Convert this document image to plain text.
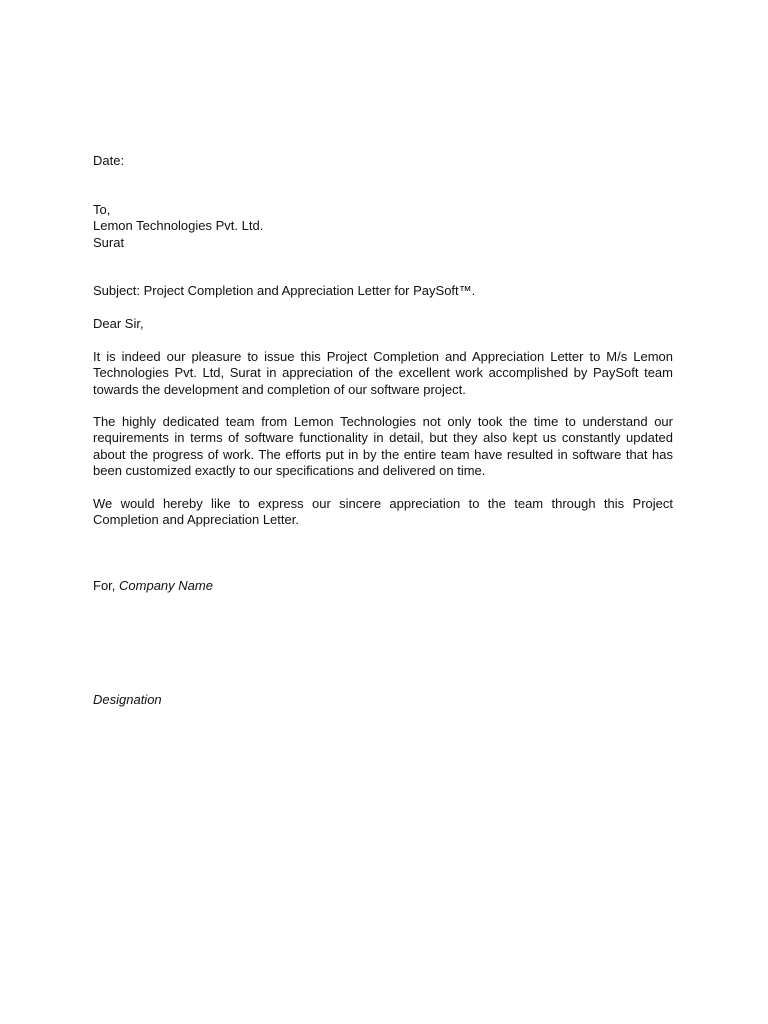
Date:

To,
Lemon Technologies Pvt. Ltd.
Surat

Subject: Project Completion and Appreciation Letter for PaySoft™.

Dear Sir,

It is indeed our pleasure to issue this Project Completion and Appreciation Letter to M/s Lemon Technologies Pvt. Ltd, Surat in appreciation of the excellent work accomplished by PaySoft team towards the development and completion of our software project.

The highly dedicated team from Lemon Technologies not only took the time to understand our requirements in terms of software functionality in detail, but they also kept us constantly updated about the progress of work. The efforts put in by the entire team have resulted in software that has been customized exactly to our specifications and delivered on time.

We would hereby like to express our sincere appreciation to the team through this Project Completion and Appreciation Letter.

For, Company Name

Designation
